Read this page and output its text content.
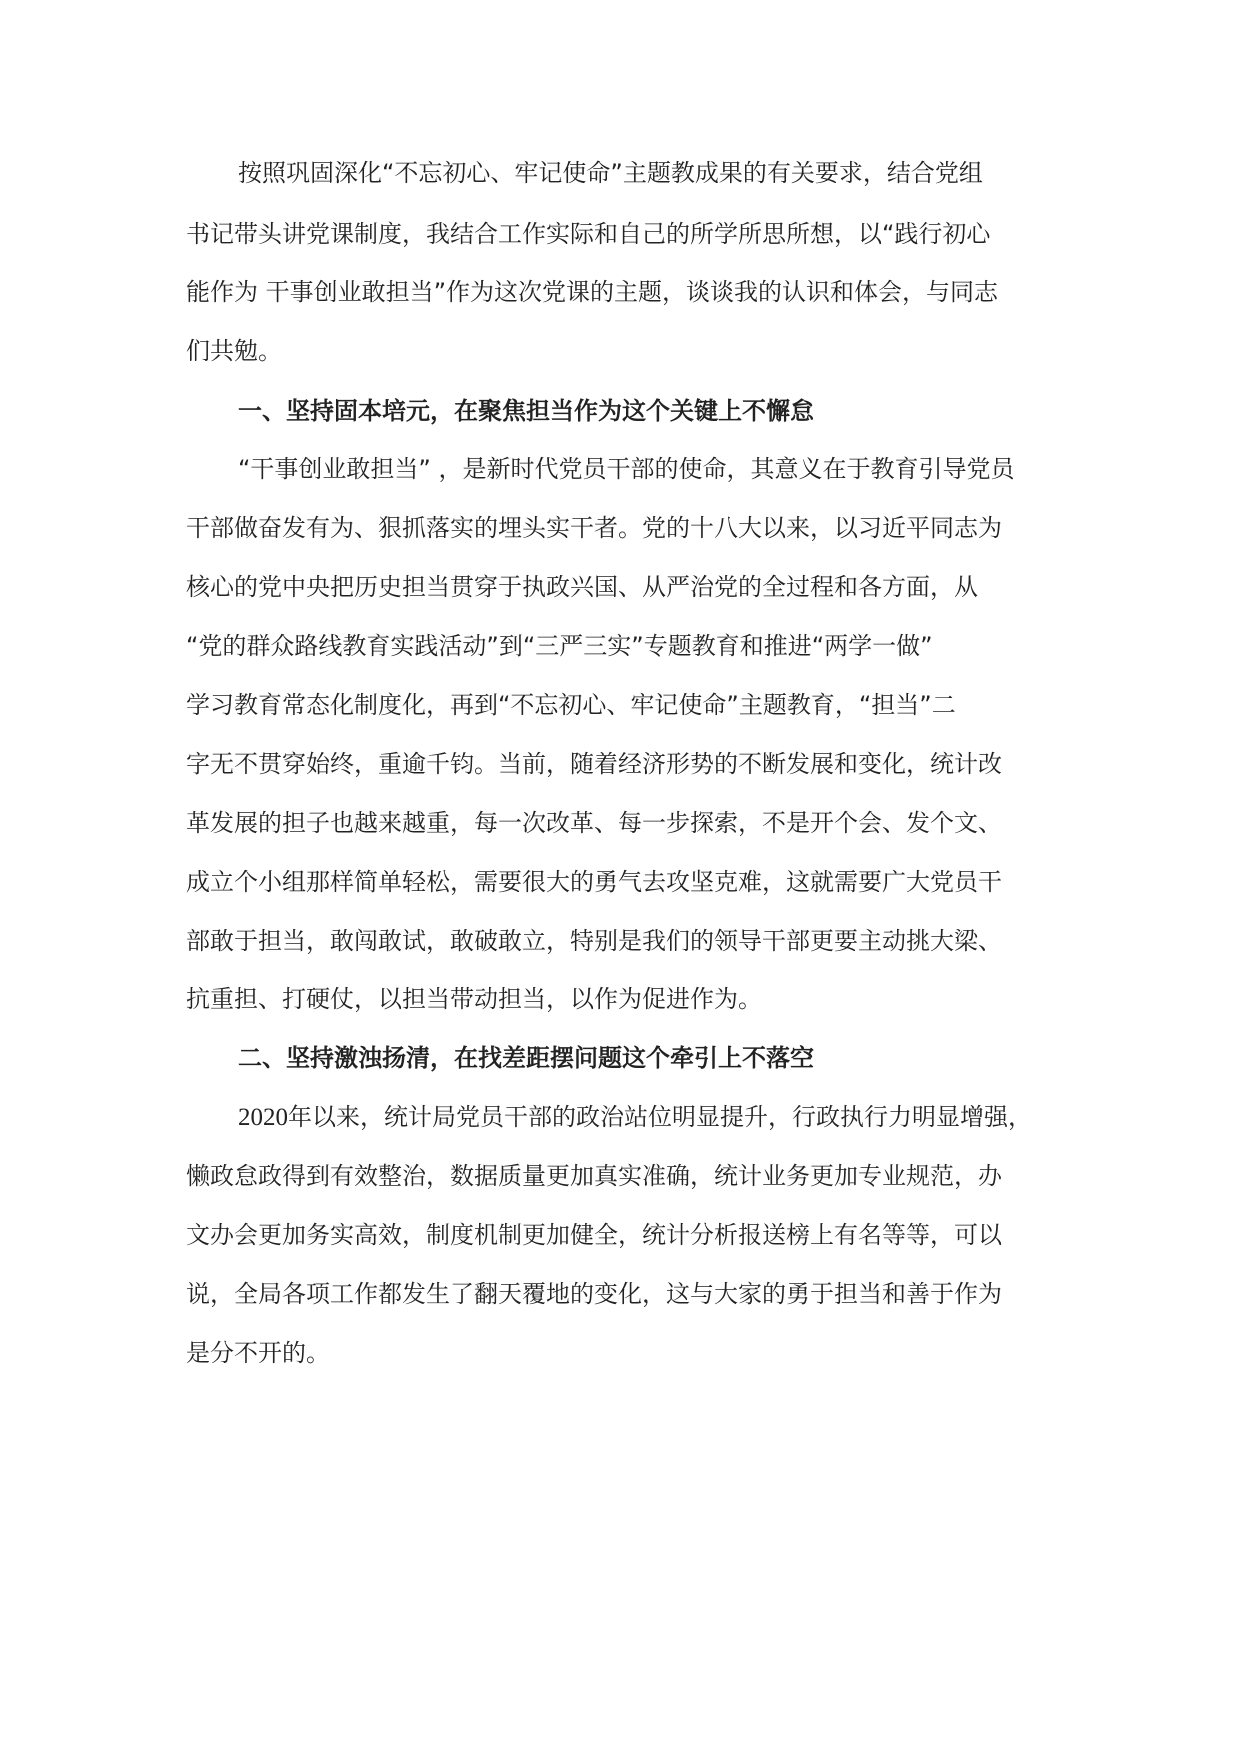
按照巩固深化“不忘初心、牢记使命”主题教成果的有关要求，结合党组
书记带头讲党课制度，我结合工作实际和自己的所学所思所想，以“践行初心
能作为 干事创业敢担当”作为这次党课的主题，谈谈我的认识和体会，与同志
们共勉。
一、坚持固本培元，在聚焦担当作为这个关键上不懈怠
“干事创业敢担当” ，是新时代党员干部的使命，其意义在于教育引导党员
干部做奋发有为、狠抓落实的埋头实干者。党的十八大以来，以习近平同志为
核心的党中央把历史担当贯穿于执政兴国、从严治党的全过程和各方面，从
“党的群众路线教育实践活动”到“三严三实”专题教育和推进“两学一做”
学习教育常态化制度化，再到“不忘初心、牢记使命”主题教育，“担当”二
字无不贯穿始终，重逾千钧。当前，随着经济形势的不断发展和变化，统计改
革发展的担子也越来越重，每一次改革、每一步探索，不是开个会、发个文、
成立个小组那样简单轻松，需要很大的勇气去攻坚克难，这就需要广大党员干
部敢于担当，敢闯敢试，敢破敢立，特别是我们的领导干部更要主动挑大梁、
抗重担、打硬仗，以担当带动担当，以作为促进作为。
二、坚持激浊扬清，在找差距摆问题这个牵引上不落空
2020年以来，统计局党员干部的政治站位明显提升，行政执行力明显增强，
懒政怠政得到有效整治，数据质量更加真实准确，统计业务更加专业规范，办
文办会更加务实高效，制度机制更加健全，统计分析报送榜上有名等等，可以
说，全局各项工作都发生了翻天覆地的变化，这与大家的勇于担当和善于作为
是分不开的。
